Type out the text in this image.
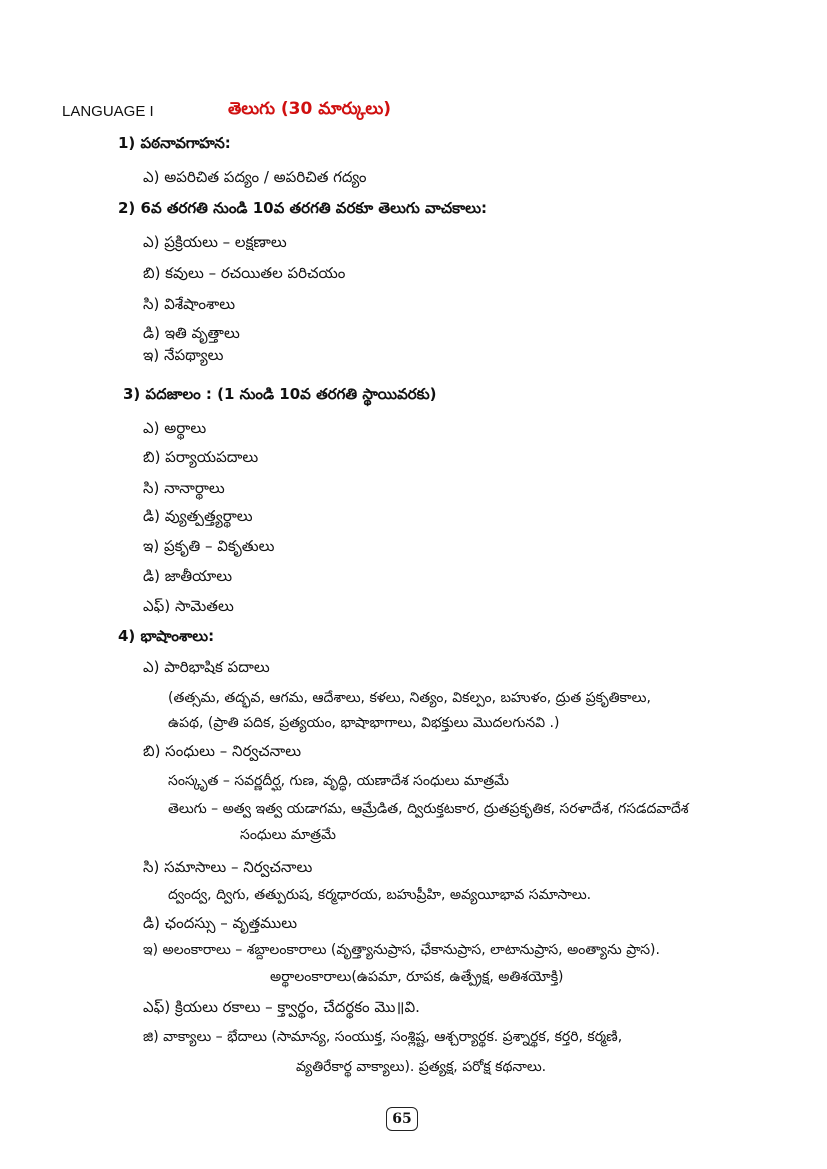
LANGUAGE I	తెలుగు (30 మార్కులు)
1) పఠనావగాహన:
ఎ) అపరిచిత పద్యం / అపరిచిత గద్యం
2) 6వ తరగతి నుండి 10వ తరగతి వరకూ తెలుగు వాచకాలు:
ఎ) ప్రక్రియలు – లక్షణాలు
బి) కవులు – రచయితల పరిచయం
సి) విశేషాంశాలు
డి) ఇతి వృత్తాలు
ఇ) నేపథ్యాలు
3) పదజాలం : (1 నుండి 10వ తరగతి స్థాయివరకు)
ఎ) అర్థాలు
బి) పర్యాయపదాలు
సి) నానార్థాలు
డి) వ్యుత్పత్త్యర్థాలు
ఇ) ప్రకృతి – వికృతులు
డి) జాతీయాలు
ఎఫ్) సామెతలు
4) భాషాంశాలు:
ఎ) పారిభాషిక పదాలు
(తత్సమ, తద్భవ, ఆగమ, ఆదేశాలు, కళలు, నిత్యం, వికల్పం, బహుళం, ద్రుత ప్రకృతికాలు,
ఉపథ, (ప్రాతి పదిక, ప్రత్యయం, భాషాభాగాలు, విభక్తులు మొదలగునవి .)
బి) సంధులు – నిర్వచనాలు
సంస్కృత – సవర్ణదీర్ఘ, గుణ, వృద్ధి, యణాదేశ సంధులు మాత్రమే
తెలుగు – అత్వ ఇత్వ యడాగమ, ఆమ్రేడిత, ద్విరుక్తటకార, ద్రుతప్రకృతిక, సరళాదేశ, గసడదవాదేశ
సంధులు మాత్రమే
సి) సమాసాలు – నిర్వచనాలు
ద్వంద్వ, ద్విగు, తత్పురుష, కర్మధారయ, బహుప్రీహి, అవ్యయీభావ సమాసాలు.
డి) ఛందస్సు – వృత్తములు
ఇ) అలంకారాలు – శబ్దాలంకారాలు (వృత్త్యానుప్రాస, ఛేకానుప్రాస, లాటానుప్రాస, అంత్యాను ప్రాస).
అర్థాలంకారాలు(ఉపమా, రూపక, ఉత్ప్రేక్ష, అతిశయోక్తి)
ఎఫ్) క్రియలు రకాలు – క్త్వార్థం, చేదర్థకం మొ॥వి.
జి) వాక్యాలు – భేదాలు (సామాన్య, సంయుక్త, సంశ్లిష్ట, ఆశ్చర్యార్థక. ప్రశ్నార్థక, కర్తరి, కర్మణి,
వ్యతిరేకార్థ వాక్యాలు). ప్రత్యక్ష, పరోక్ష కథనాలు.
65
